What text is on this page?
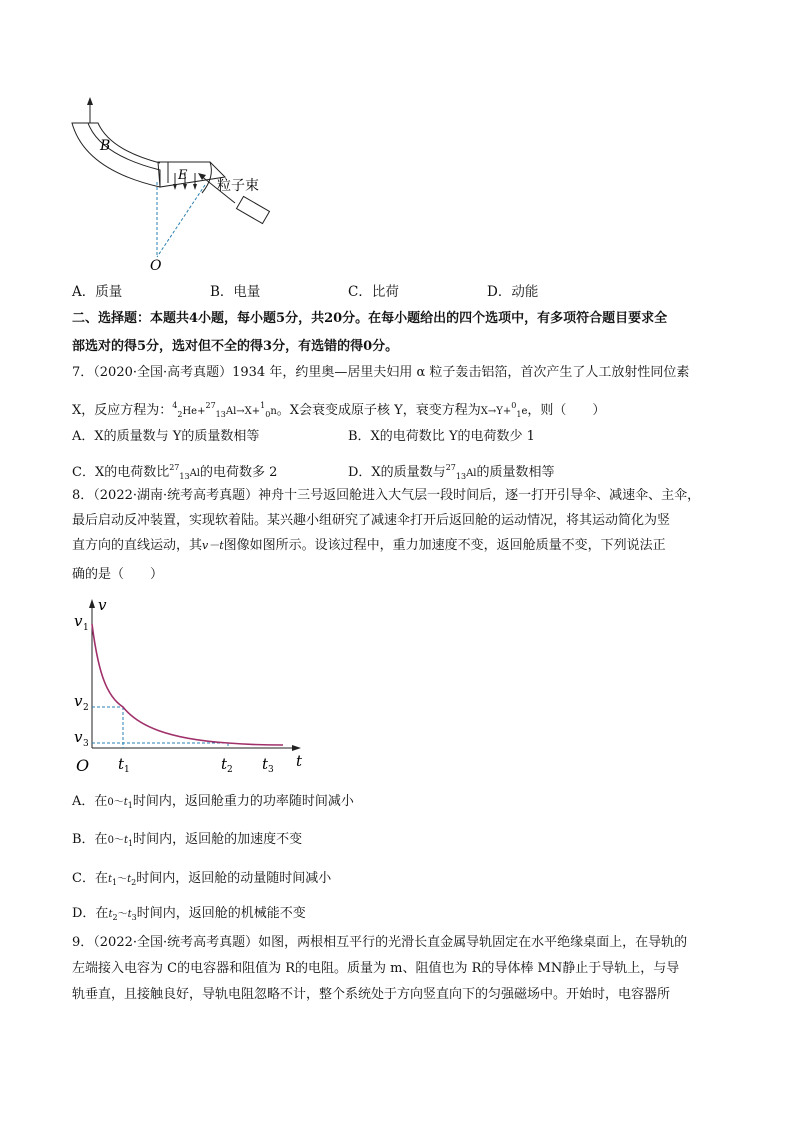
B
E
粒子束
O
A．质量	B．电量	C．比荷	D．动能
二、选择题：本题共4小题，每小题5分，共20分。在每小题给出的四个选项中，有多项符合题目要求全
部选对的得5分，选对但不全的得3分，有选错的得0分。
7．（2020·全国·高考真题）1934 年，约里奥—居里夫妇用 α 粒子轰击铝箔，首次产生了人工放射性同位素
X，反应方程为：$^4_2$He+$^{27}_{13}$Al→X+$^1_0$n。X会衰变成原子核 Y，衰变方程为X→Y+$^0_1$e，则（　　）
A．X的质量数与 Y的质量数相等	B．X的电荷数比 Y的电荷数少 1
C．X的电荷数比$^{27}_{13}$Al的电荷数多 2	D．X的质量数与$^{27}_{13}$Al的质量数相等
8．（2022·湖南·统考高考真题）神舟十三号返回舱进入大气层一段时间后，逐一打开引导伞、减速伞、主伞，
最后启动反冲装置，实现软着陆。某兴趣小组研究了减速伞打开后返回舱的运动情况，将其运动简化为竖
直方向的直线运动，其v－t图像如图所示。设该过程中，重力加速度不变，返回舱质量不变，下列说法正
确的是（　　）
v
t
O
v 1
v 2
v 3
t 1	t 2 t 3
A．在$0\sim t_1$时间内，返回舱重力的功率随时间减小
B．在$0\sim t_1$时间内，返回舱的加速度不变
C．在$t_1\sim t_2$时间内，返回舱的动量随时间减小
D．在$t_2\sim t_3$时间内，返回舱的机械能不变
9．（2022·全国·统考高考真题）如图，两根相互平行的光滑长直金属导轨固定在水平绝缘桌面上，在导轨的
左端接入电容为 C的电容器和阻值为 R的电阻。质量为 m、阻值也为 R的导体棒 MN静止于导轨上，与导
轨垂直，且接触良好，导轨电阻忽略不计，整个系统处于方向竖直向下的匀强磁场中。开始时，电容器所
